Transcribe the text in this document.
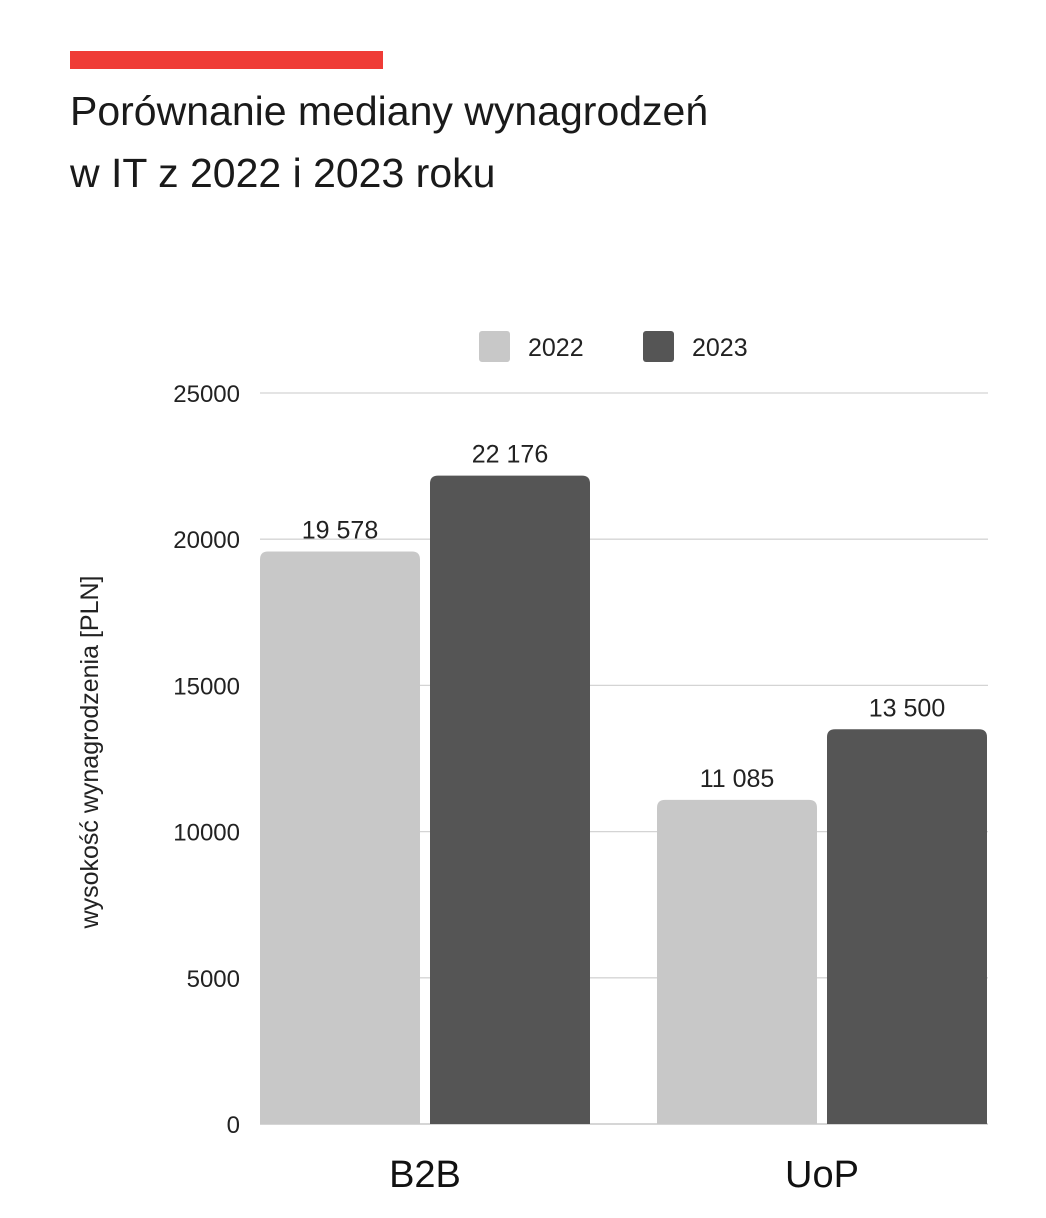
Porównanie mediany wynagrodzeń
w IT z 2022 i 2023 roku
0
5000
10000
15000
20000
25000
wysokość wynagrodzenia [PLN]
19 578
22 176
B2B
11 085
13 500
UoP
2022	2023
